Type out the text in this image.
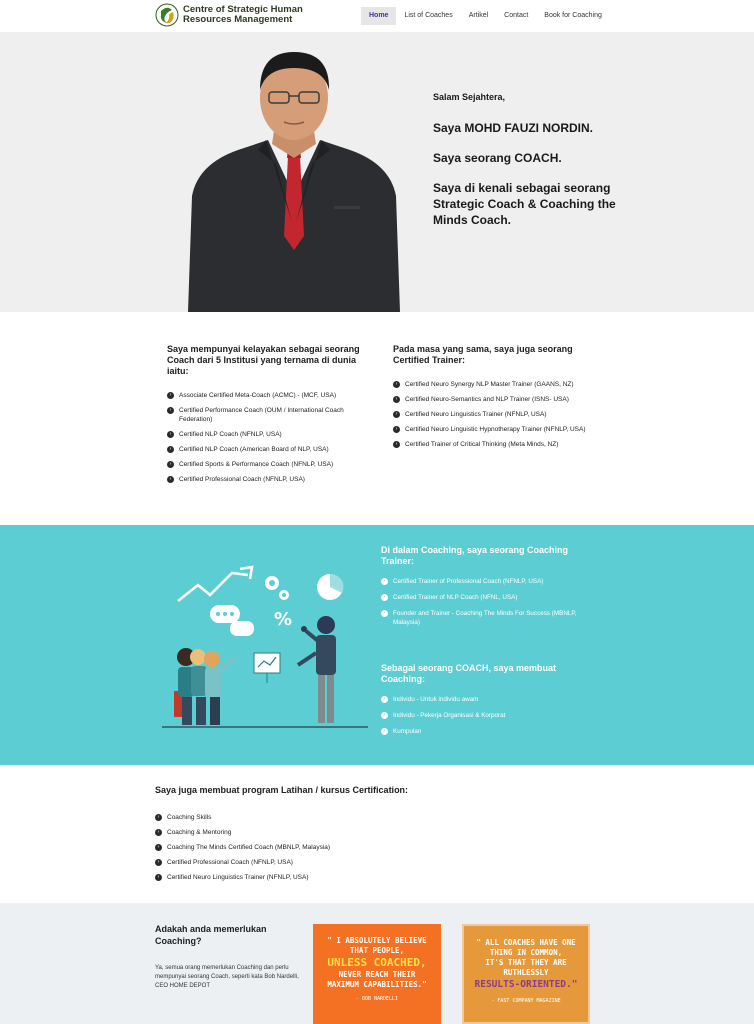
Centre of Strategic Human
Resources Management	Home	List of Coaches	Artikel	Contact	Book for Coaching
Salam Sejahtera,
Saya MOHD FAUZI NORDIN.
Saya seorang COACH.
Saya di kenali sebagai seorang Strategic Coach & Coaching the Minds Coach.
Saya mempunyai kelayakan sebagai seorang Coach dari 5 Institusi yang ternama di dunia iaitu:
›	Associate Certified Meta-Coach (ACMC) - (MCF, USA)
›	Certified Performance Coach (OUM / International Coach Federation)
›	Certified NLP Coach (NFNLP, USA)
›	Certified NLP Coach (American Board of NLP, USA)
›	Certified Sports & Performance Coach (NFNLP, USA)
›	Certified Professional Coach (NFNLP, USA)
Pada masa yang sama, saya juga seorang Certified Trainer:
›	Certified Neuro Synergy NLP Master Trainer (GAANS, NZ)
›	Certified Neuro-Semantics and NLP Trainer (ISNS- USA)
›	Certified Neuro Linguistics Trainer (NFNLP, USA)
›	Certified Neuro Linguistic Hypnotherapy Trainer (NFNLP, USA)
›	Certified Trainer of Critical Thinking (Meta Minds, NZ)
%
Di dalam Coaching, saya seorang Coaching Trainer:
›	Certified Trainer of Professional Coach (NFNLP, USA)
›	Certified Trainer of NLP Coach (NFNL, USA)
›	Founder and Trainer - Coaching The Minds For Success (MBNLP, Malaysia)
Sebagai seorang COACH, saya membuat Coaching:
›	Individu - Untuk individu awam
›	Individu - Pekerja Organisasi & Korporat
›	Kumpulan
Saya juga membuat program Latihan / kursus Certification:
›	Coaching Skills
›	Coaching & Mentoring
›	Coaching The Minds Certified Coach (MBNLP, Malaysia)
›	Certified Professional Coach (NFNLP, USA)
›	Certified Neuro Linguistics Trainer (NFNLP, USA)
Adakah anda memerlukan Coaching?
Ya, semua orang memerlukan Coaching dan perlu mempunyai seorang Coach, seperti kata Bob Nardelli, CEO HOME DEPOT
" I ABSOLUTELY BELIEVE
THAT PEOPLE,
UNLESS COACHED,
NEVER REACH THEIR
MAXIMUM CAPABILITIES."
- BOB NARDELLI
" ALL COACHES HAVE ONE
THING IN COMMON,
IT'S THAT THEY ARE
RUTHLESSLY
RESULTS-ORIENTED."
- FAST COMPANY MAGAZINE
